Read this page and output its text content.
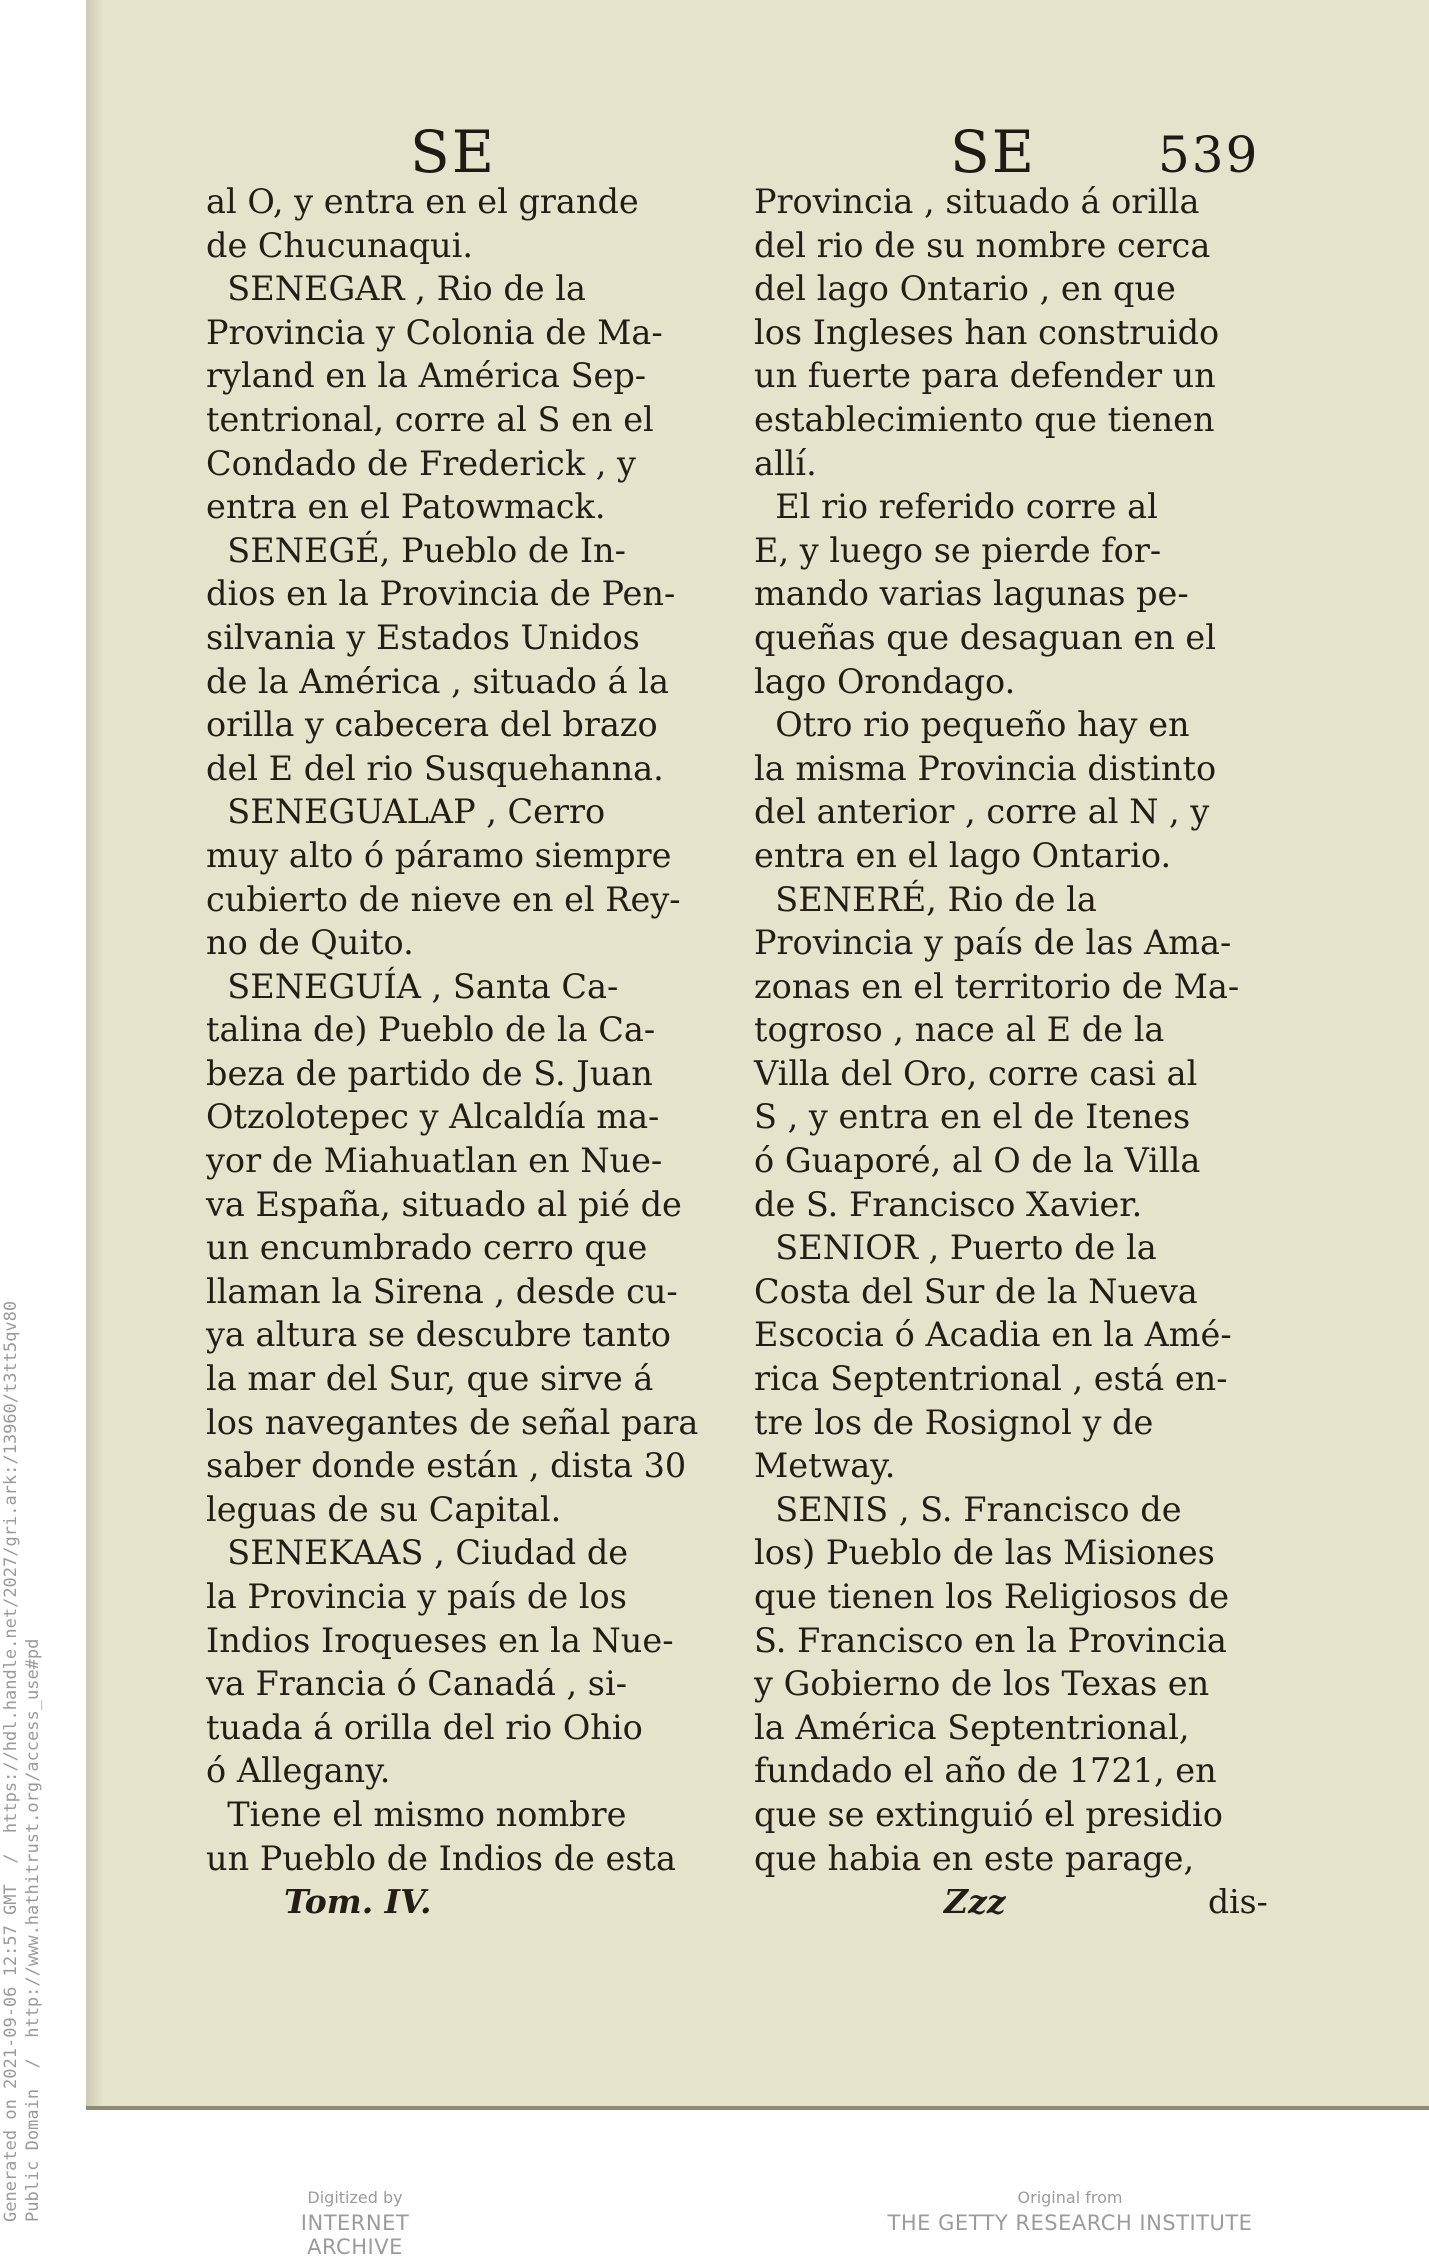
SE	SE 539
al O, y entra en el grande
de Chucunaqui.
SENEGAR , Rio de la
Provincia y Colonia de Ma-
ryland en la América Sep-
tentrional, corre al S en el
Condado de Frederick , y
entra en el Patowmack.
SENEGÉ, Pueblo de In-
dios en la Provincia de Pen-
silvania y Estados Unidos
de la América , situado á la
orilla y cabecera del brazo
del E del rio Susquehanna.
SENEGUALAP , Cerro
muy alto ó páramo siempre
cubierto de nieve en el Rey-
no de Quito.
SENEGUÍA , Santa Ca-
talina de) Pueblo de la Ca-
beza de partido de S. Juan
Otzolotepec y Alcaldía ma-
yor de Miahuatlan en Nue-
va España, situado al pié de
un encumbrado cerro que
llaman la Sirena , desde cu-
ya altura se descubre tanto
la mar del Sur, que sirve á
los navegantes de señal para
saber donde están , dista 30
leguas de su Capital.
SENEKAAS , Ciudad de
la Provincia y país de los
Indios Iroqueses en la Nue-
va Francia ó Canadá , si-
tuada á orilla del rio Ohio
ó Allegany.
Tiene el mismo nombre
un Pueblo de Indios de esta
Provincia , situado á orilla
del rio de su nombre cerca
del lago Ontario , en que
los Ingleses han construido
un fuerte para defender un
establecimiento que tienen
allí.
El rio referido corre al
E, y luego se pierde for-
mando varias lagunas pe-
queñas que desaguan en el
lago Orondago.
Otro rio pequeño hay en
la misma Provincia distinto
del anterior , corre al N , y
entra en el lago Ontario.
SENERÉ, Rio de la
Provincia y país de las Ama-
zonas en el territorio de Ma-
togroso , nace al E de la
Villa del Oro, corre casi al
S , y entra en el de Itenes
ó Guaporé, al O de la Villa
de S. Francisco Xavier.
SENIOR , Puerto de la
Costa del Sur de la Nueva
Escocia ó Acadia en la Amé-
rica Septentrional , está en-
tre los de Rosignol y de
Metway.
SENIS , S. Francisco de
los) Pueblo de las Misiones
que tienen los Religiosos de
S. Francisco en la Provincia
y Gobierno de los Texas en
la América Septentrional,
fundado el año de 1721, en
que se extinguió el presidio
que habia en este parage,
Tom. IV.	Zzz	dis-
Generated on 2021-09-06 12:57 GMT  /  https://hdl.handle.net/2027/gri.ark:/13960/t3tt5qv80 Public Domain  /  http://www.hathitrust.org/access_use#pd	Digitized by
INTERNET ARCHIVE
Original from
THE GETTY RESEARCH INSTITUTE
